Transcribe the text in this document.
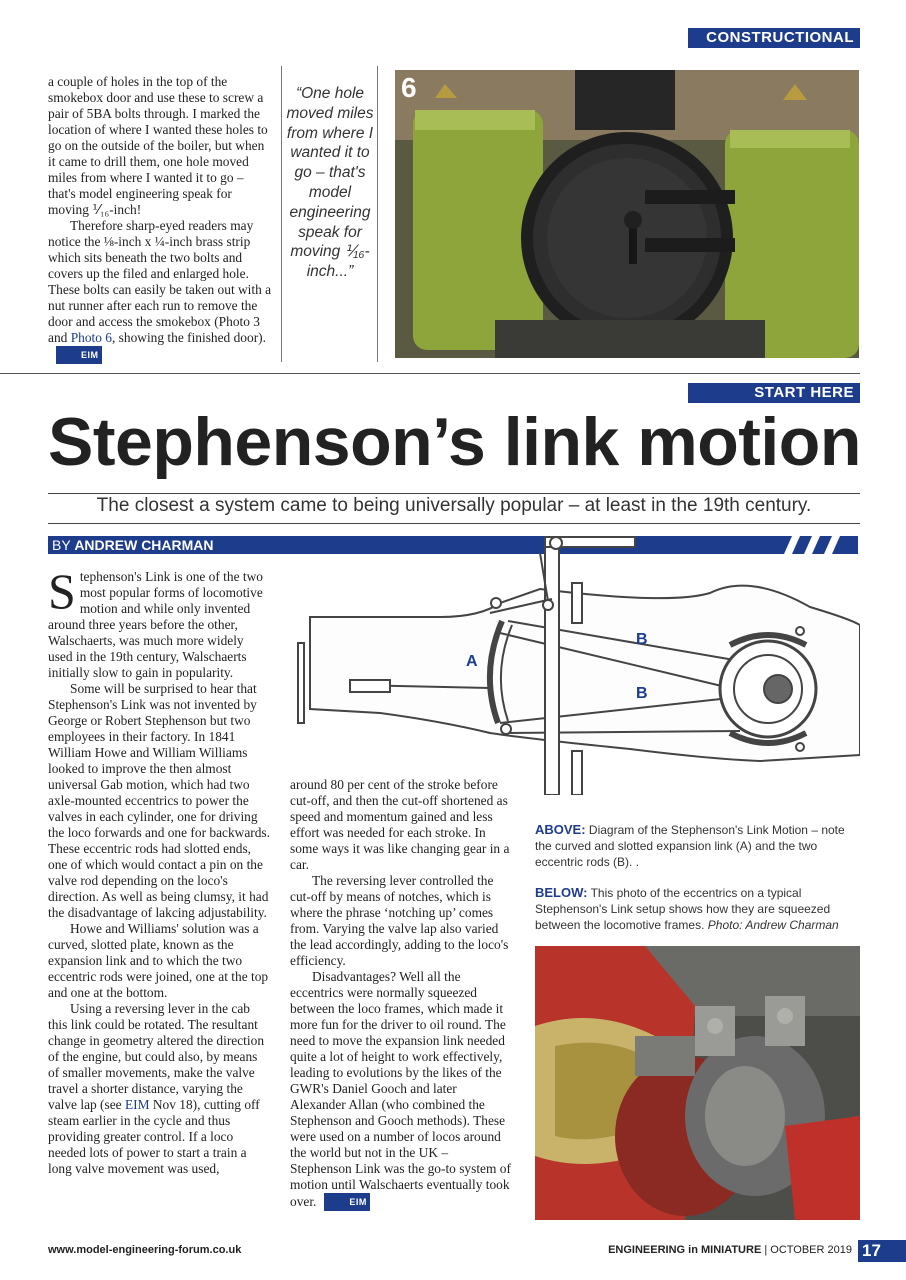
CONSTRUCTIONAL

a couple of holes in the top of the smokebox door and use these to screw a pair of 5BA bolts through. I marked the location of where I wanted these holes to go on the outside of the boiler, but when it came to drill them, one hole moved miles from where I wanted it to go – that's model engineering speak for moving ⅟₁₆-inch!

Therefore sharp-eyed readers may notice the ⅛-inch x ¼-inch brass strip which sits beneath the two bolts and covers up the filed and enlarged hole. These bolts can easily be taken out with a nut runner after each run to remove the door and access the smokebox (Photo 3 and Photo 6, showing the finished door).EIM

“One hole moved miles from where I wanted it to go – that's model engineering speak for moving ⅟₁₆-inch...”
6
START HERE
Stephenson’s link motion
The closest a system came to being universally popular – at least in the 19th century.
BY ANDREW CHARMAN

Stephenson's Link is one of the two most popular forms of locomotive motion and while only invented around three years before the other, Walschaerts, was much more widely used in the 19th century, Walschaerts initially slow to gain in popularity.

Some will be surprised to hear that Stephenson's Link was not invented by George or Robert Stephenson but two employees in their factory. In 1841 William Howe and William Williams looked to improve the then almost universal Gab motion, which had two axle-mounted eccentrics to power the valves in each cylinder, one for driving the loco forwards and one for backwards. These eccentric rods had slotted ends, one of which would contact a pin on the valve rod depending on the loco's direction. As well as being clumsy, it had the disadvantage of lakcing adjustability.

Howe and Williams' solution was a curved, slotted plate, known as the expansion link and to which the two eccentric rods were joined, one at the top and one at the bottom.

Using a reversing lever in the cab this link could be rotated. The resultant change in geometry altered the direction of the engine, but could also, by means of smaller movements, make the valve travel a shorter distance, varying the valve lap (see EIM Nov 18), cutting off steam earlier in the cycle and thus providing greater control. If a loco needed lots of power to start a train a long valve movement was used,

A
B
B

around 80 per cent of the stroke before cut-off, and then the cut-off shortened as speed and momentum gained and less effort was needed for each stroke. In some ways it was like changing gear in a car.

The reversing lever controlled the cut-off by means of notches, which is where the phrase ‘notching up’ comes from. Varying the valve lap also varied the lead accordingly, adding to the loco's efficiency.

Disadvantages? Well all the eccentrics were normally squeezed between the loco frames, which made it more fun for the driver to oil round. The need to move the expansion link needed quite a lot of height to work effectively, leading to evolutions by the likes of the GWR's Daniel Gooch and later Alexander Allan (who combined the Stephenson and Gooch methods). These were used on a number of locos around the world but not in the UK – Stephenson Link was the go-to system of motion until Walschaerts eventually took over.	EIM

ABOVE: Diagram of the Stephenson's Link Motion – note the curved and slotted expansion link (A) and the two eccentric rods (B). .
BELOW: This photo of the eccentrics on a typical Stephenson's Link setup shows how they are squeezed between the locomotive frames. Photo: Andrew Charman
www.model-engineering-forum.co.uk	ENGINEERING in MINIATURE | OCTOBER 2019 17
